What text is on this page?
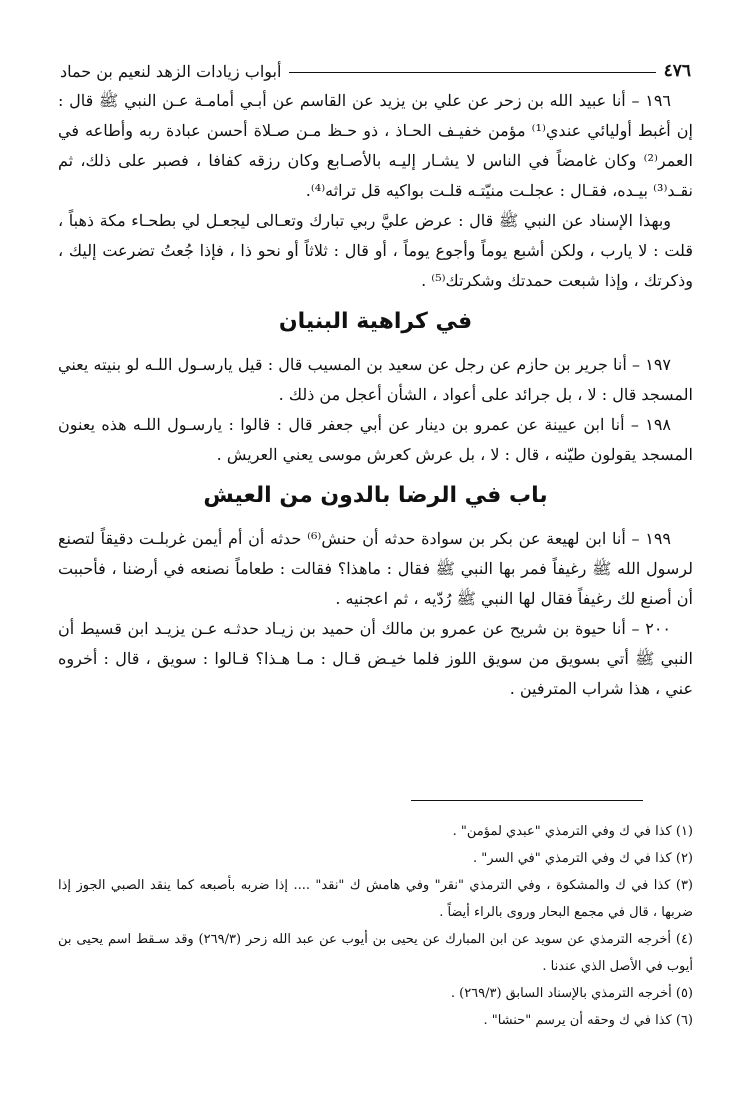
٤٧٦
أبواب زيادات الزهد لنعيم بن حماد

١٩٦ – أنا عبيد الله بن زحر عن علي بن يزيد عن القاسم عن أبـي أمامـة عـن النبي ﷺ قال : إن أغبط أوليائي عندي⁽¹⁾ مؤمن خفيـف الحـاذ ، ذو حـظ مـن صـلاة أحسن عبادة ربه وأطاعه في العمر⁽²⁾ وكان غامضاً في الناس لا يشـار إليـه بالأصـابع وكان رزقه كفافا ، فصبر على ذلك، ثم نقـد⁽³⁾ بيـده، فقـال : عجلـت منيّتـه قلـت بواكيه قل تراثه⁽⁴⁾.

وبهذا الإسناد عن النبي ﷺ قال : عرض عليَّ ربي تبارك وتعـالى ليجعـل لي بطحـاء مكة ذهباً ، قلت : لا يارب ، ولكن أشبع يوماً وأجوع يوماً ، أو قال : ثلاثاً أو نحو ذا ، فإذا جُعتُ تضرعت إليك ، وذكرتك ، وإذا شبعت حمدتك وشكرتك⁽⁵⁾ .

في كراهية البنيان

١٩٧ – أنا جرير بن حازم عن رجل عن سعيد بن المسيب قال : قيل يارسـول اللـه لو بنيته يعني المسجد قال : لا ، بل جرائد على أعواد ، الشأن أعجل من ذلك .

١٩٨ – أنا ابن عيينة عن عمرو بن دينار عن أبي جعفر قال : قالوا : يارسـول اللـه هذه يعنون المسجد يقولون طيّنه ، قال : لا ، بل عرش كعرش موسى يعني العريش .

باب في الرضا بالدون من العيش

١٩٩ – أنا ابن لهيعة عن بكر بن سوادة حدثه أن حنش⁽⁶⁾ حدثه أن أم أيمن غربلـت دقيقاً لتصنع لرسول الله ﷺ رغيفاً فمر بها النبي ﷺ فقال : ماهذا؟ فقالت : طعاماً نصنعه في أرضنا ، فأحببت أن أصنع لك رغيفاً فقال لها النبي ﷺ رُدّيه ، ثم اعجنيه .

٢٠٠ – أنا حيوة بن شريح عن عمرو بن مالك أن حميد بن زيـاد حدثـه عـن يزيـد ابن قسيط أن النبي ﷺ أتي بسويق من سويق اللوز فلما خيـض قـال : مـا هـذا؟ قـالوا : سويق ، قال : أخروه عني ، هذا شراب المترفين .

(١) كذا في ك وفي الترمذي "عبدي لمؤمن" .

(٢) كذا في ك وفي الترمذي "في السر" .

(٣) كذا في ك والمشكوة ، وفي الترمذي "نقر" وفي هامش ك "نقد" .... إذا ضربه بأصبعه كما ينقد الصبي الجوز إذا ضربها ، قال في مجمع البحار وروى بالراء أيضاً .

(٤) أخرجه الترمذي عن سويد عن ابن المبارك عن يحيى بن أيوب عن عبد الله زحر (٢٦٩/٣) وقد سـقط اسم يحيى بن أيوب في الأصل الذي عندنا .

(٥) أخرجه الترمذي بالإسناد السابق (٢٦٩/٣) .

(٦) كذا في ك وحقه أن يرسم "حنشا" .
